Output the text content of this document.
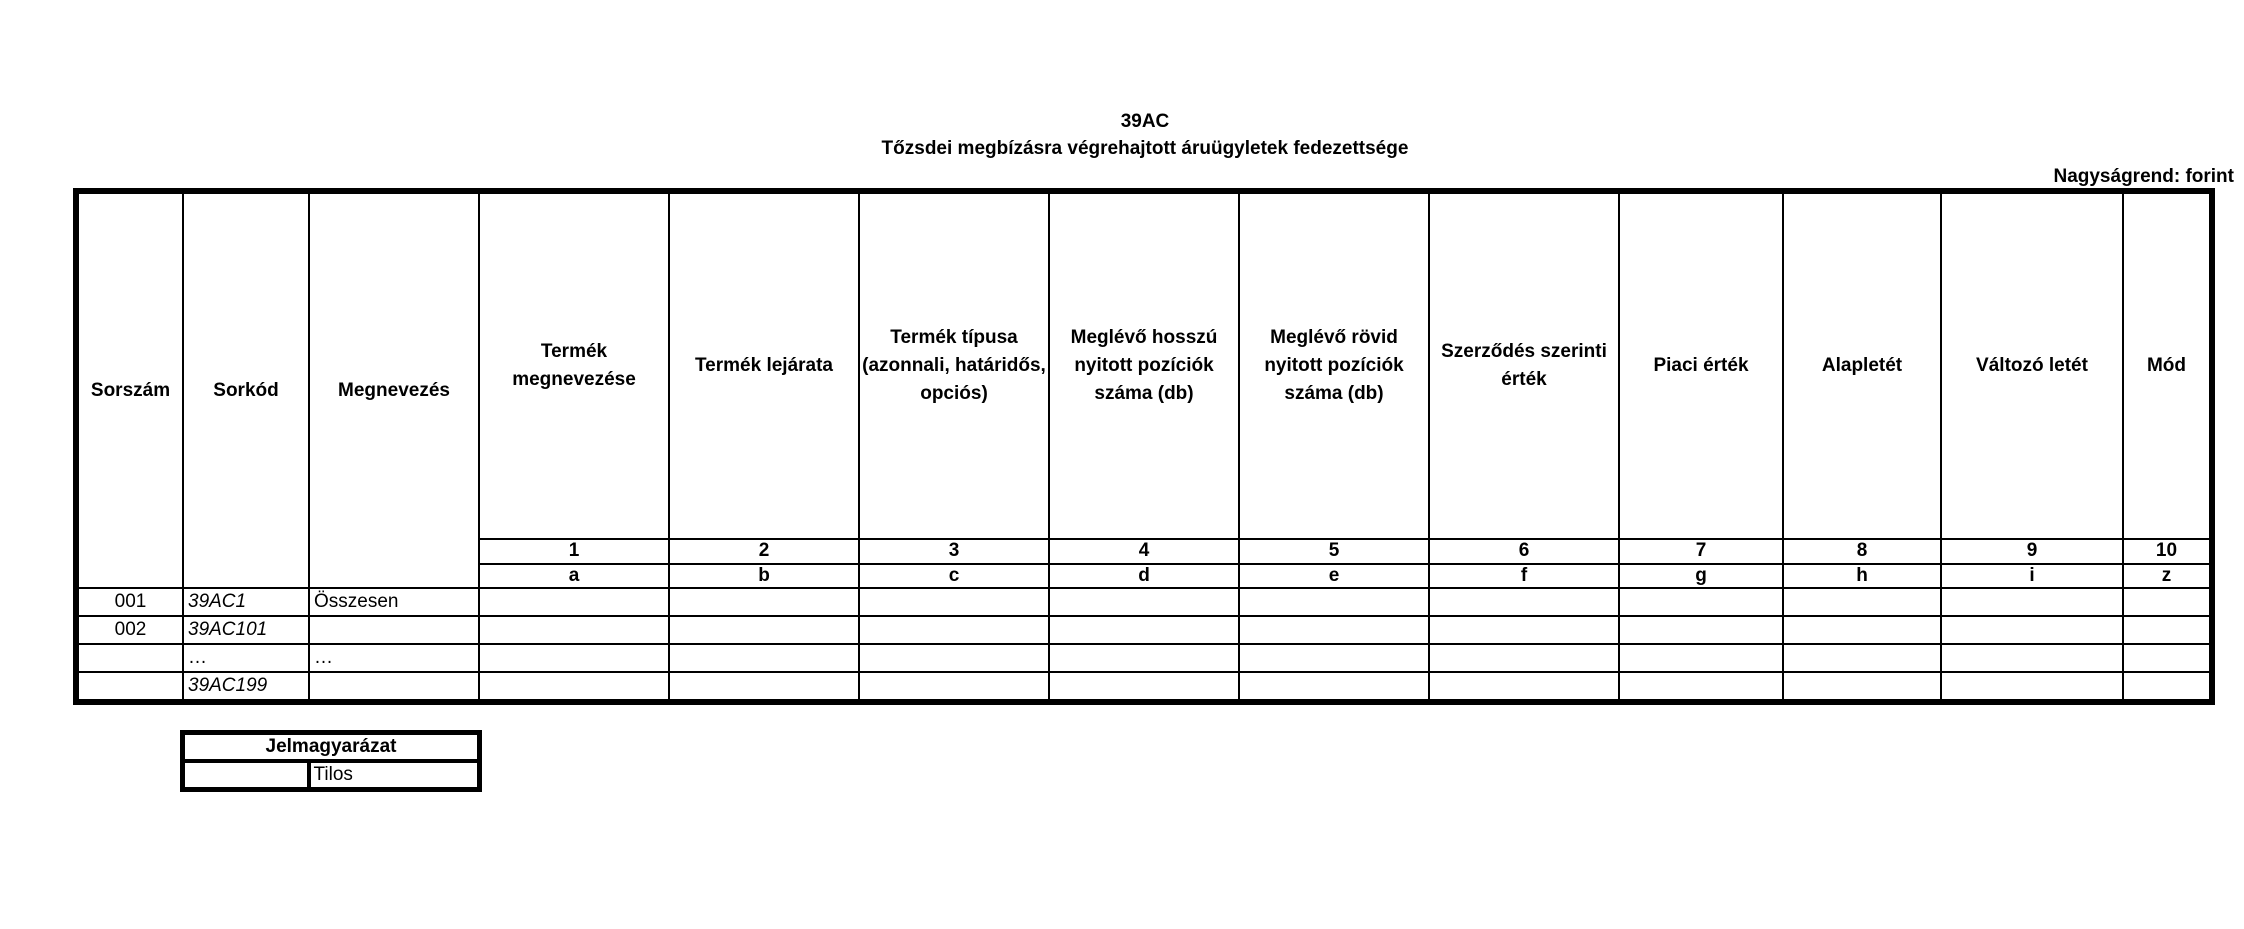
39AC
Tőzsdei megbízásra végrehajtott áruügyletek fedezettsége
Nagyságrend: forint
Sorszám	Sorkód	Megnevezés	Termék megnevezése	Termék lejárata	Termék típusa (azonnali, határidős, opciós)	Meglévő hosszú nyitott pozíciók száma (db)	Meglévő rövid nyitott pozíciók száma (db)	Szerződés szerinti érték	Piaci érték	Alapletét	Változó letét	Mód
			1	2	3	4	5	6	7	8	9	10
			a	b	c	d	e	f	g	h	i	z
001	39AC1	Összesen										
002	39AC101											
	…	…										
	39AC199											
Jelmagyarázat
	Tilos
